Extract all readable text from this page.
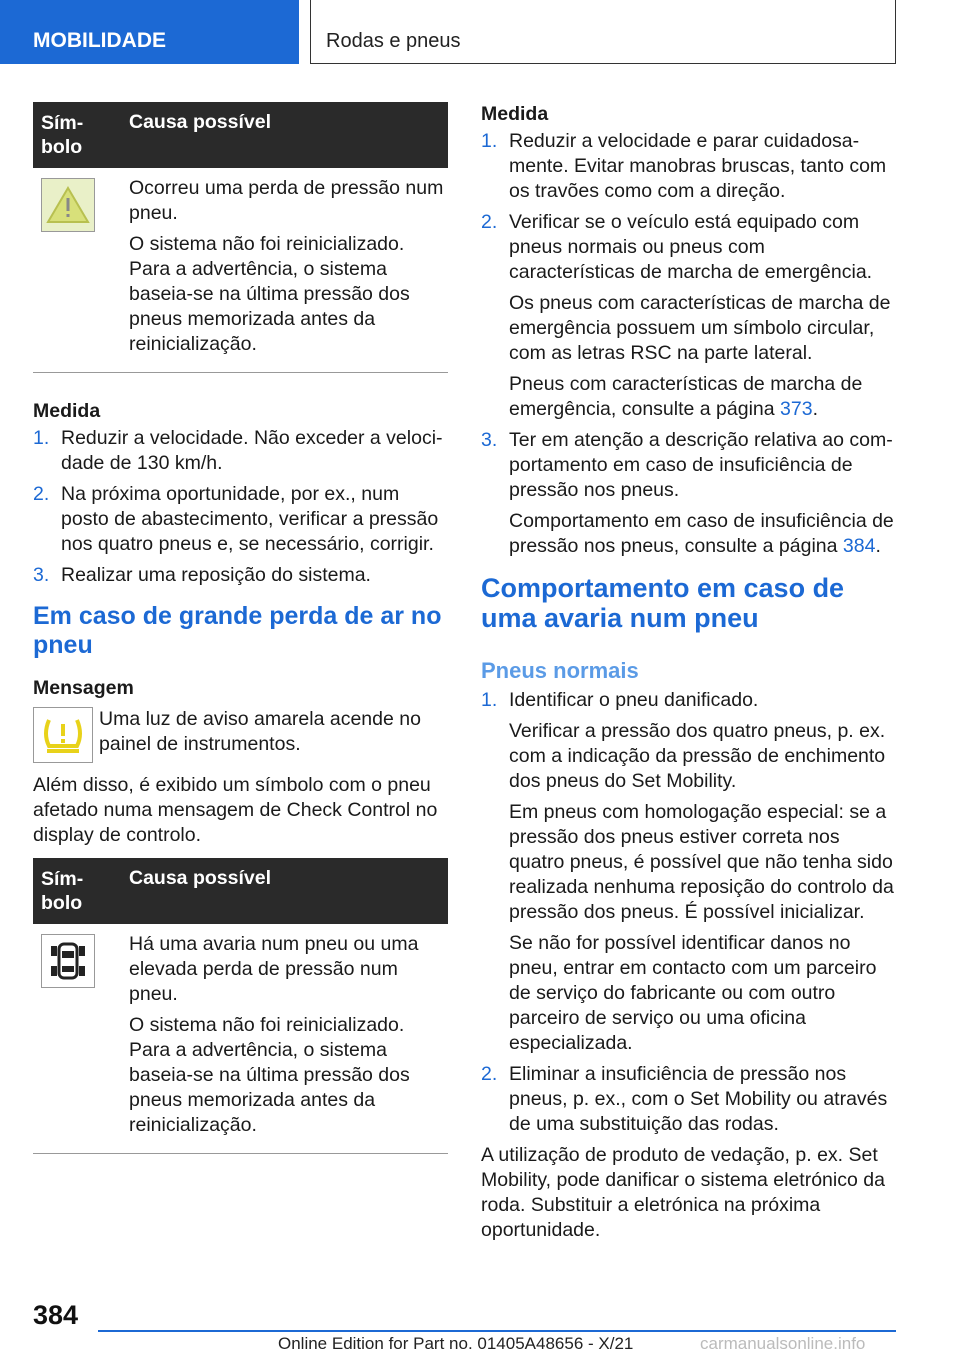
MOBILIDADE	Rodas e pneus
Sím-
bolo
Causa possível

Ocorreu uma perda de pressão num pneu.

O sistema não foi reinicializado. Para a advertência, o sistema baseia-se na última pressão dos pneus memorizada antes da reinicialização.

Medida
1. Reduzir a velocidade. Não exceder a velocidade de 130 km/h.
2. Na próxima oportunidade, por ex., num posto de abastecimento, verificar a pressão nos quatro pneus e, se necessário, corrigir.
3. Realizar uma reposição do sistema.
Em caso de grande perda de ar no pneu
Mensagem

Uma luz de aviso amarela acende no painel de instrumentos.

Além disso, é exibido um símbolo com o pneu afetado numa mensagem de Check Control no display de controlo.

Sím-
bolo
Causa possível

Há uma avaria num pneu ou uma elevada perda de pressão num pneu.

O sistema não foi reinicializado. Para a advertência, o sistema baseia-se na última pressão dos pneus memorizada antes da reinicialização.

Medida
1. Reduzir a velocidade e parar cuidadosamente. Evitar manobras bruscas, tanto com os travões como com a direção.
2. Verificar se o veículo está equipado com pneus normais ou pneus com características de marcha de emergência.

Os pneus com características de marcha de emergência possuem um símbolo circular, com as letras RSC na parte lateral.

Pneus com características de marcha de emergência, consulte a página 373.

3. Ter em atenção a descrição relativa ao comportamento em caso de insuficiência de pressão nos pneus.

Comportamento em caso de insuficiência de pressão nos pneus, consulte a página 384.

Comportamento em caso de uma avaria num pneu
Pneus normais
1. Identificar o pneu danificado.

Verificar a pressão dos quatro pneus, p. ex. com a indicação da pressão de enchimento dos pneus do Set Mobility.

Em pneus com homologação especial: se a pressão dos pneus estiver correta nos quatro pneus, é possível que não tenha sido realizada nenhuma reposição do controlo da pressão dos pneus. É possível inicializar.

Se não for possível identificar danos no pneu, entrar em contacto com um parceiro de serviço do fabricante ou com outro parceiro de serviço ou uma oficina especializada.

2. Eliminar a insuficiência de pressão nos pneus, p. ex., com o Set Mobility ou através de uma substituição das rodas.

A utilização de produto de vedação, p. ex. Set Mobility, pode danificar o sistema eletrónico da roda. Substituir a eletrónica na próxima oportunidade.

384
Online Edition for Part no. 01405A48656 - X/21	carmanualsonline.info
